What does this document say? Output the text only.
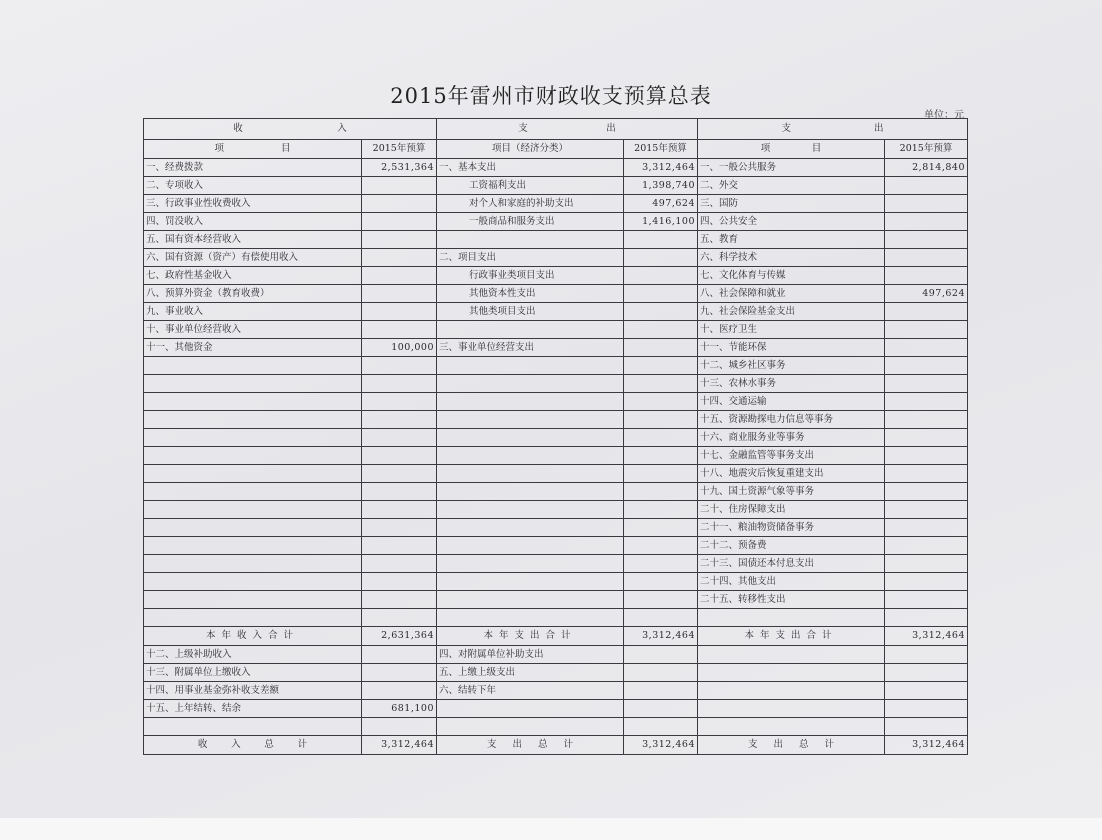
2015年雷州市财政收支预算总表
单位：元
收 入		支 出		支 出	

项 目	2015年预算	项目（经济分类）	2015年预算	项 目	2015年预算
一、经费拨款	2,531,364	一、基本支出	3,312,464	一、一般公共服务	2,814,840
二、专项收入		工资福利支出	1,398,740	二、外交	
三、行政事业性收费收入		对个人和家庭的补助支出	497,624	三、国防	
四、罚没收入		一般商品和服务支出	1,416,100	四、公共安全	
五、国有资本经营收入				五、教育	
六、国有资源（资产）有偿使用收入		二、项目支出		六、科学技术	
七、政府性基金收入		行政事业类项目支出		七、文化体育与传媒	
八、预算外资金（教育收费）		其他资本性支出		八、社会保障和就业	497,624
九、事业收入		其他类项目支出		九、社会保险基金支出	
十、事业单位经营收入				十、医疗卫生	
十一、其他资金	100,000	三、事业单位经营支出		十一、节能环保	
				十二、城乡社区事务	
				十三、农林水事务	
				十四、交通运输	
				十五、资源勘探电力信息等事务	
				十六、商业服务业等事务	
				十七、金融监管等事务支出	
				十八、地震灾后恢复重建支出	
				十九、国土资源气象等事务	
				二十、住房保障支出	
				二十一、粮油物资储备事务	
				二十二、预备费	
				二十三、国债还本付息支出	
				二十四、其他支出	
				二十五、转移性支出	

本年收入合计	2,631,364	本年支出合计	3,312,464	本年支出合计	3,312,464
十二、上级补助收入		四、对附属单位补助支出			
十三、附属单位上缴收入		五、上缴上级支出			
十四、用事业基金弥补收支差额		六、结转下年			
十五、上年结转、结余	681,100				

收 入 总 计	3,312,464	支 出 总 计	3,312,464	支 出 总 计	3,312,464
